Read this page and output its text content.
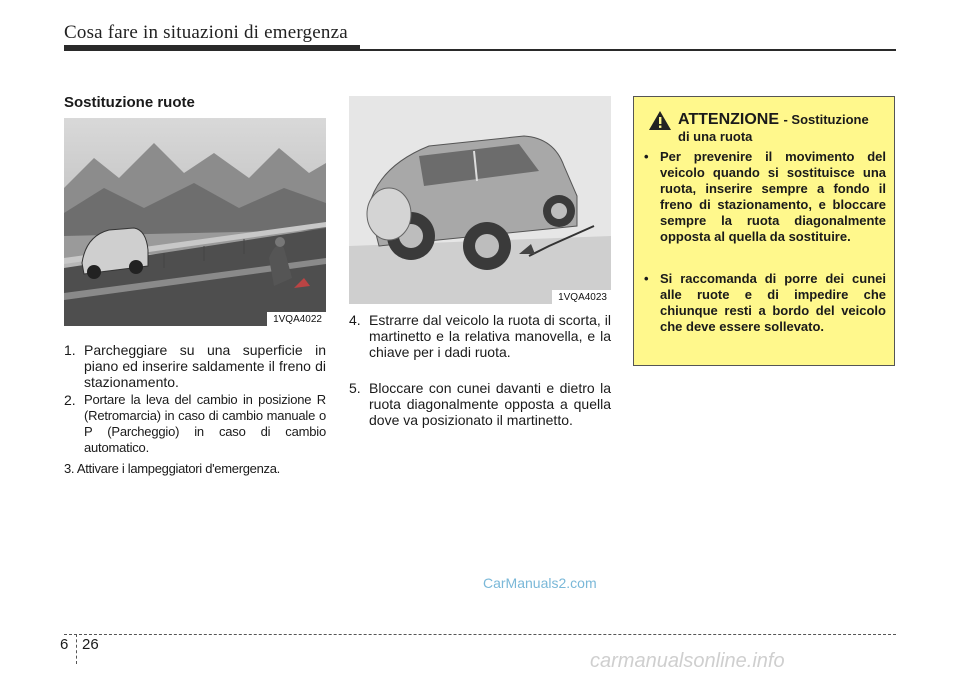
Cosa fare in situazioni di emergenza
Sostituzione ruote
1VQA4022
1VQA4023
1. Parcheggiare su una superficie in piano ed inserire saldamente il freno di stazionamento.
2. Portare la leva del cambio in posizione R (Retromarcia) in caso di cambio manuale o P (Parcheggio) in caso di cambio automatico.
3. Attivare i lampeggiatori d'emergenza.
4. Estrarre dal veicolo la ruota di scorta, il martinetto e la relativa manovella, e la chiave per i dadi ruota.
5. Bloccare con cunei davanti e dietro la ruota diagonalmente opposta a quella dove va posizionato il martinetto.
ATTENZIONE - Sostituzione
di una ruota
• Per prevenire il movimento del veicolo quando si sostituisce una ruota, inserire sempre a fondo il freno di stazionamento, e bloccare sempre la ruota diagonalmente opposta al quella da sostituire.
• Si raccomanda di porre dei cunei alle ruote e di impedire che chiunque resti a bordo del veicolo che deve essere sollevato.
CarManuals2.com
6 26
carmanualsonline.info
